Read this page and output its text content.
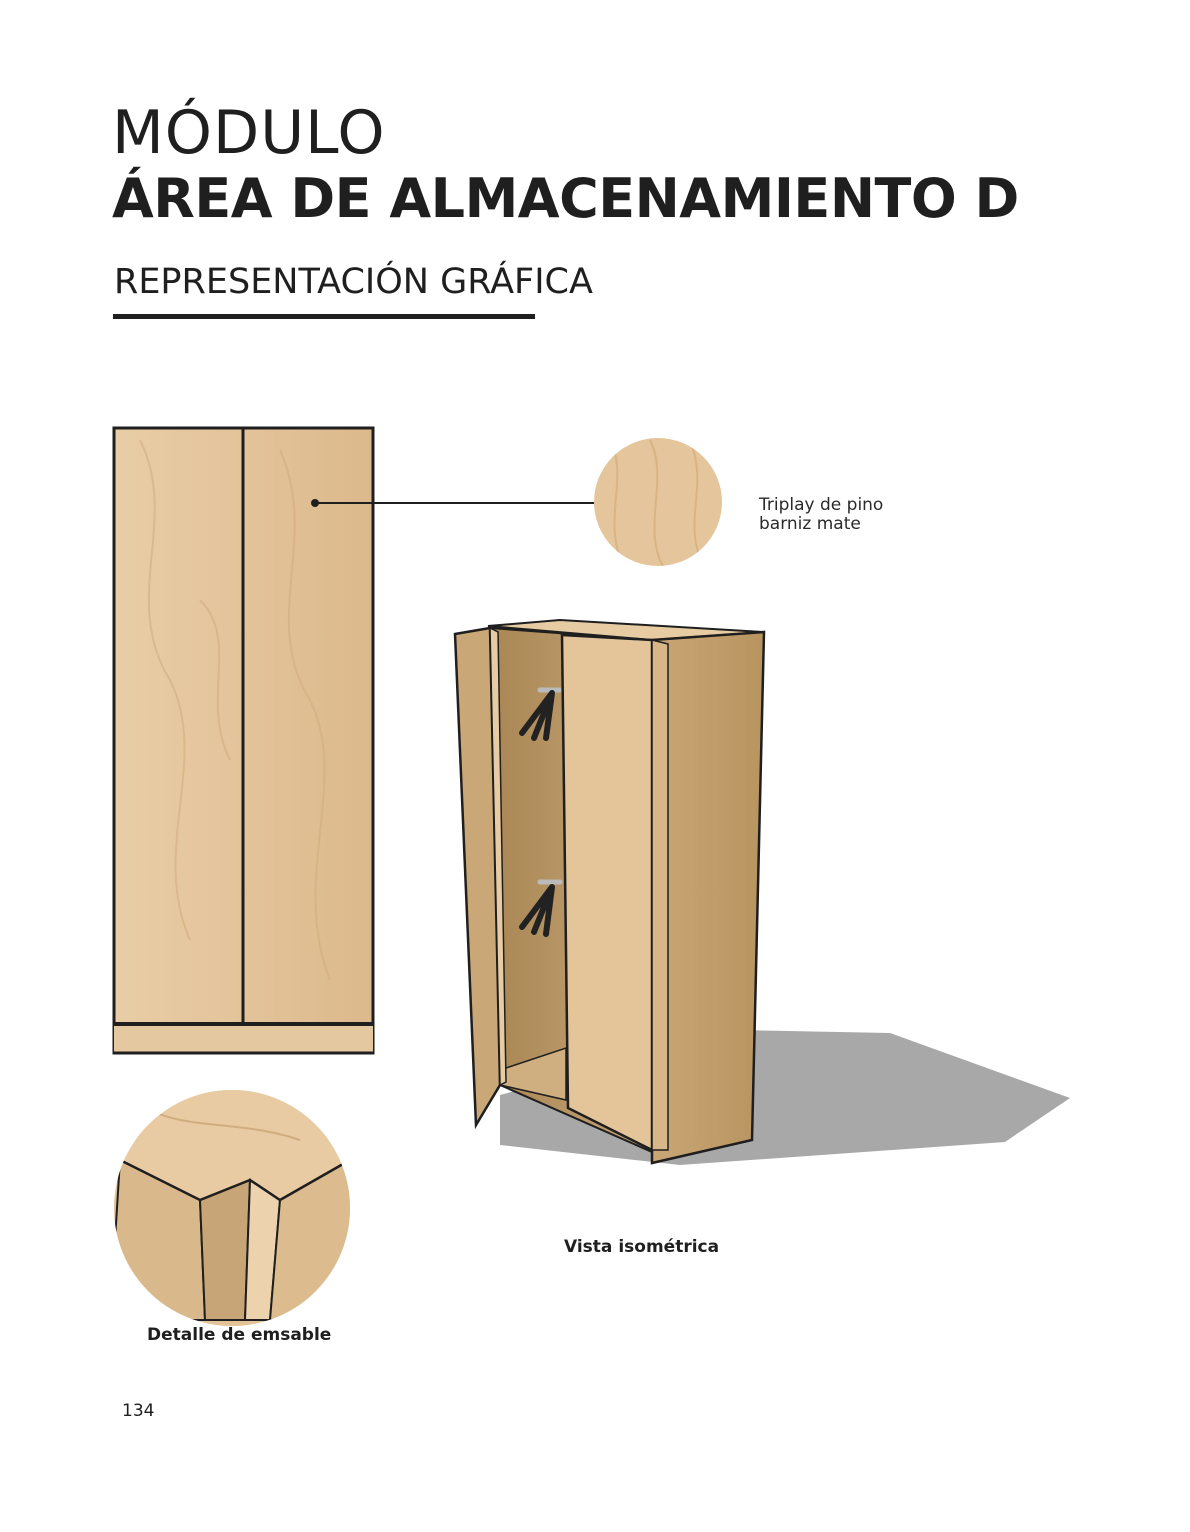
MÓDULO
ÁREA DE ALMACENAMIENTO D
REPRESENTACIÓN GRÁFICA
Triplay de pino
barniz mate
Vista isométrica
Detalle de emsable
134
